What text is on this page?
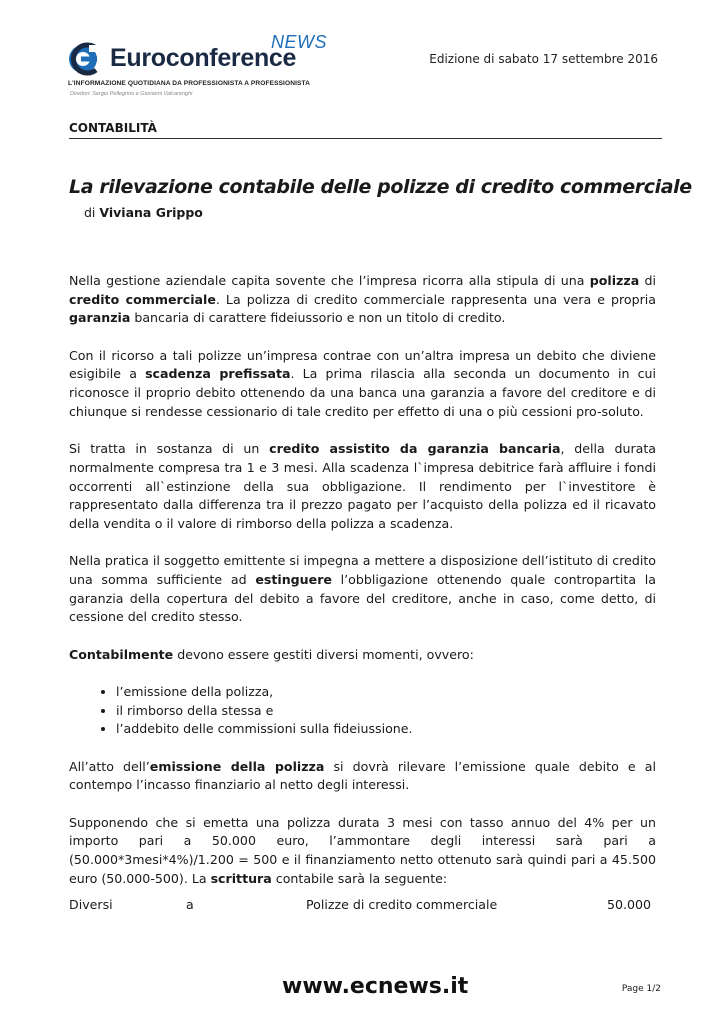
NEWS
Euroconference
L'INFORMAZIONE QUOTIDIANA DA PROFESSIONISTA A PROFESSIONISTA
Direttori: Sergio Pellegrino e Giovanni Valcarenghi
Edizione di sabato 17 settembre 2016
CONTABILITÀ
La rilevazione contabile delle polizze di credito commerciale
di Viviana Grippo

Nella gestione aziendale capita sovente che l’impresa ricorra alla stipula di una polizza di credito commerciale. La polizza di credito commerciale rappresenta una vera e propria garanzia bancaria di carattere fideiussorio e non un titolo di credito.

Con il ricorso a tali polizze un’impresa contrae con un’altra impresa un debito che diviene esigibile a scadenza prefissata. La prima rilascia alla seconda un documento in cui riconosce il proprio debito ottenendo da una banca una garanzia a favore del creditore e di chiunque si rendesse cessionario di tale credito per effetto di una o più cessioni pro-soluto.

Si tratta in sostanza di un credito assistito da garanzia bancaria, della durata normalmente compresa tra 1 e 3 mesi. Alla scadenza l`impresa debitrice farà affluire i fondi occorrenti all`estinzione della sua obbligazione. Il rendimento per l`investitore è rappresentato dalla differenza tra il prezzo pagato per l’acquisto della polizza ed il ricavato della vendita o il valore di rimborso della polizza a scadenza.

Nella pratica il soggetto emittente si impegna a mettere a disposizione dell’istituto di credito una somma sufficiente ad estinguere l’obbligazione ottenendo quale contropartita la garanzia della copertura del debito a favore del creditore, anche in caso, come detto, di cessione del credito stesso.

Contabilmente devono essere gestiti diversi momenti, ovvero:

• l’emissione della polizza,
• il rimborso della stessa e
• l’addebito delle commissioni sulla fideiussione.

All’atto dell’emissione della polizza si dovrà rilevare l’emissione quale debito e al contempo l’incasso finanziario al netto degli interessi.

Supponendo che si emetta una polizza durata 3 mesi con tasso annuo del 4% per un importo pari a 50.000 euro, l’ammontare degli interessi sarà pari a (50.000*3mesi*4%)/1.200 = 500 e il finanziamento netto ottenuto sarà quindi pari a 45.500 euro (50.000-500). La scrittura contabile sarà la seguente:

Diversi	a	Polizze di credito commerciale	50.000
www.ecnews.it	Page 1/2
